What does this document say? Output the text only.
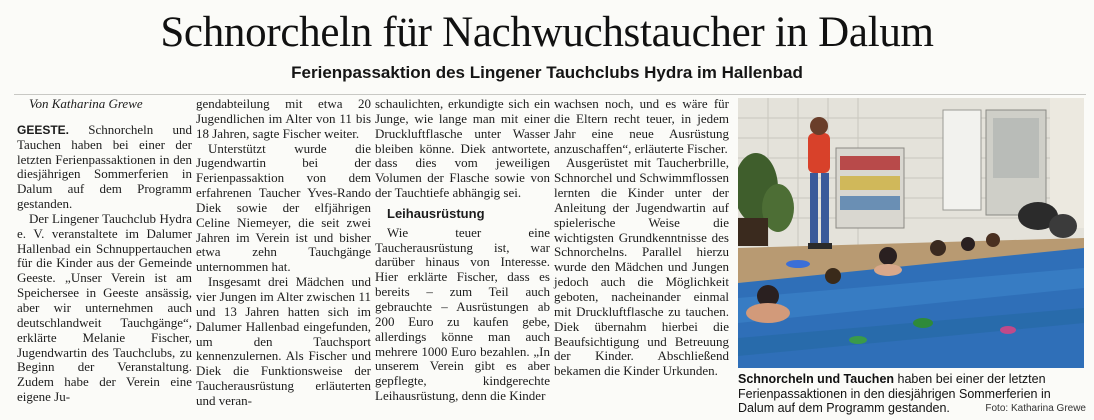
Schnorcheln für Nachwuchstaucher in Dalum
Ferienpassaktion des Lingener Tauchclubs Hydra im Hallenbad

Von Katharina Grewe

GEESTE. Schnorcheln und Tauchen haben bei einer der letzten Ferienpassaktionen in den diesjährigen Sommerferien in Dalum auf dem Programm gestanden.

Der Lingener Tauchclub Hydra e. V. veranstaltete im Dalumer Hallenbad ein Schnuppertauchen für die Kinder aus der Gemeinde Geeste. „Unser Verein ist am Speichersee in Geeste ansässig, aber wir unternehmen auch deutschlandweit Tauchgänge“, erklärte Melanie Fischer, Jugendwartin des Tauchclubs, zu Beginn der Veranstaltung. Zudem habe der Verein eine eigene Ju-

gendabteilung mit etwa 20 Jugendlichen im Alter von 11 bis 18 Jahren, sagte Fischer weiter.

Unterstützt wurde die Jugendwartin bei der Ferienpassaktion von dem erfahrenen Taucher Yves-Rando Diek sowie der elfjährigen Celine Niemeyer, die seit zwei Jahren im Verein ist und bisher etwa zehn Tauchgänge unternommen hat.

Insgesamt drei Mädchen und vier Jungen im Alter zwischen 11 und 13 Jahren hatten sich im Dalumer Hallenbad eingefunden, um den Tauchsport kennenzulernen. Als Fischer und Diek die Funktionsweise der Taucherausrüstung erläuterten und veran-

schaulichten, erkundigte sich ein Junge, wie lange man mit einer Druckluftflasche unter Wasser bleiben könne. Diek antwortete, dass dies vom jeweiligen Volumen der Flasche sowie von der Tauchtiefe abhängig sei.

Leihausrüstung

Wie teuer eine Taucherausrüstung ist, war darüber hinaus von Interesse. Hier erklärte Fischer, dass es bereits – zum Teil auch gebrauchte – Ausrüstungen ab 200 Euro zu kaufen gebe, allerdings könne man auch mehrere 1000 Euro bezahlen. „In unserem Verein gibt es aber gepflegte, kindgerechte Leihausrüstung, denn die Kinder

wachsen noch, und es wäre für die Eltern recht teuer, in jedem Jahr eine neue Ausrüstung anzuschaffen“, erläuterte Fischer.

Ausgerüstet mit Taucherbrille, Schnorchel und Schwimmflossen lernten die Kinder unter der Anleitung der Jugendwartin auf spielerische Weise die wichtigsten Grundkenntnisse des Schnorchelns. Parallel hierzu wurde den Mädchen und Jungen jedoch auch die Möglichkeit geboten, nacheinander einmal mit Druckluftflasche zu tauchen. Diek übernahm hierbei die Beaufsichtigung und Betreuung der Kinder. Abschließend bekamen die Kinder Urkunden.

Schnorcheln und Tauchen haben bei einer der letzten Ferienpassaktionen in den diesjährigen Sommerferien in Dalum auf dem Programm gestanden.	Foto: Katharina Grewe
